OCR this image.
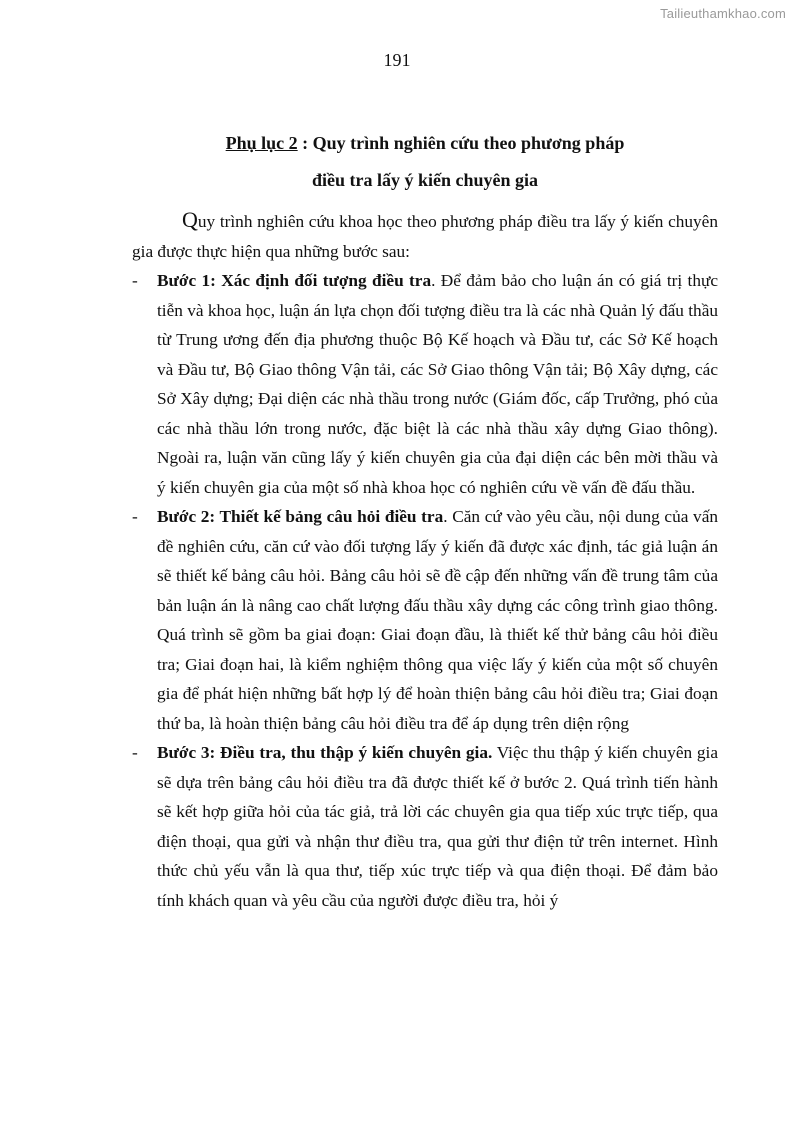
Tailieuthamkhao.com
191
Phụ lục 2 : Quy trình nghiên cứu theo phương pháp
điều tra lấy ý kiến chuyên gia

Quy trình nghiên cứu khoa học theo phương pháp điều tra lấy ý kiến chuyên gia được thực hiện qua những bước sau:

- Bước 1: Xác định đối tượng điều tra. Để đảm bảo cho luận án có giá trị thực tiễn và khoa học, luận án lựa chọn đối tượng điều tra là các nhà Quản lý đấu thầu từ Trung ương đến địa phương thuộc Bộ Kế hoạch và Đầu tư, các Sở Kế hoạch và Đầu tư, Bộ Giao thông Vận tải, các Sở Giao thông Vận tải; Bộ Xây dựng, các Sở Xây dựng; Đại diện các nhà thầu trong nước (Giám đốc, cấp Trưởng, phó của các nhà thầu lớn trong nước, đặc biệt là các nhà thầu xây dựng Giao thông). Ngoài ra, luận văn cũng lấy ý kiến chuyên gia của đại diện các bên mời thầu và ý kiến chuyên gia của một số nhà khoa học có nghiên cứu về vấn đề đấu thầu.
- Bước 2: Thiết kế bảng câu hỏi điều tra. Căn cứ vào yêu cầu, nội dung của vấn đề nghiên cứu, căn cứ vào đối tượng lấy ý kiến đã được xác định, tác giả luận án sẽ thiết kế bảng câu hỏi. Bảng câu hỏi sẽ đề cập đến những vấn đề trung tâm của bản luận án là nâng cao chất lượng đấu thầu xây dựng các công trình giao thông. Quá trình sẽ gồm ba giai đoạn: Giai đoạn đầu, là thiết kế thử bảng câu hỏi điều tra; Giai đoạn hai, là kiểm nghiệm thông qua việc lấy ý kiến của một số chuyên gia để phát hiện những bất hợp lý để hoàn thiện bảng câu hỏi điều tra; Giai đoạn thứ ba, là hoàn thiện bảng câu hỏi điều tra để áp dụng trên diện rộng
- Bước 3: Điều tra, thu thập ý kiến chuyên gia. Việc thu thập ý kiến chuyên gia sẽ dựa trên bảng câu hỏi điều tra đã được thiết kế ở bước 2. Quá trình tiến hành sẽ kết hợp giữa hỏi của tác giả, trả lời các chuyên gia qua tiếp xúc trực tiếp, qua điện thoại, qua gửi và nhận thư điều tra, qua gửi thư điện tử trên internet. Hình thức chủ yếu vẫn là qua thư, tiếp xúc trực tiếp và qua điện thoại. Để đảm bảo tính khách quan và yêu cầu của người được điều tra, hỏi ý
